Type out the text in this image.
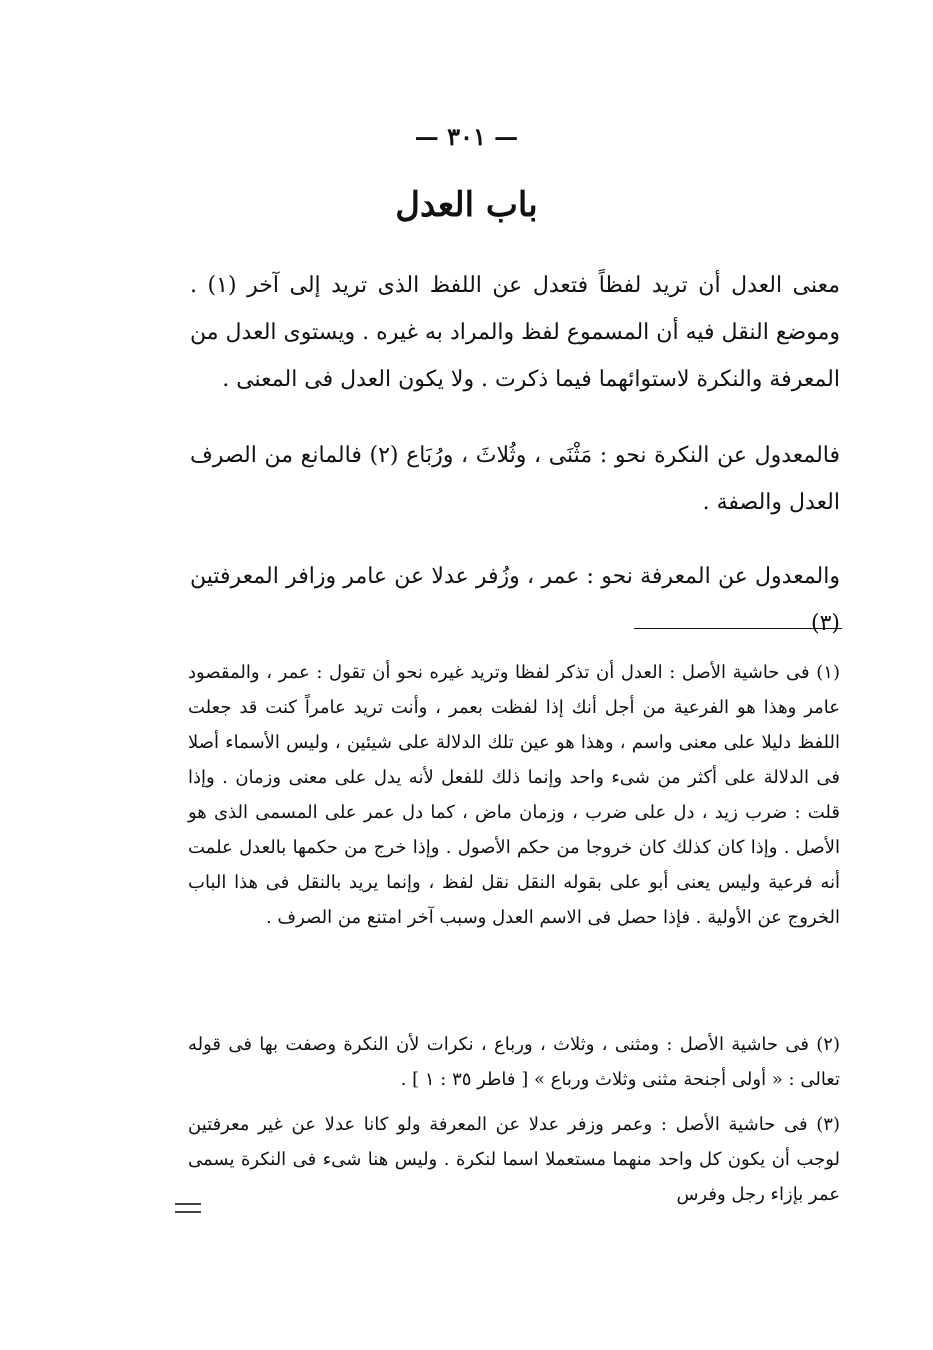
— ٣٠١ —
باب العدل

معنى العدل أن تريد لفظاً فتعدل عن اللفظ الذى تريد إلى آخر (١) . وموضع النقل فيه أن المسموع لفظ والمراد به غيره . ويستوى العدل من المعرفة والنكرة لاستوائهما فيما ذكرت . ولا يكون العدل فى المعنى .

فالمعدول عن النكرة نحو : مَثْنَى ، وثُلاثَ ، ورُبَاع (٢) فالمانع من الصرف العدل والصفة .

والمعدول عن المعرفة نحو : عمر ، وزُفر عدلا عن عامر وزافر المعرفتين (٣)

(١) فى حاشية الأصل : العدل أن تذكر لفظا وتريد غيره نحو أن تقول : عمر ، والمقصود عامر وهذا هو الفرعية من أجل أنك إذا لفظت بعمر ، وأنت تريد عامراً كنت قد جعلت اللفظ دليلا على معنى واسم ، وهذا هو عين تلك الدلالة على شيئين ، وليس الأسماء أصلا فى الدلالة على أكثر من شىء واحد وإنما ذلك للفعل لأنه يدل على معنى وزمان . وإذا قلت : ضرب زيد ، دل على ضرب ، وزمان ماض ، كما دل عمر على المسمى الذى هو الأصل . وإذا كان كذلك كان خروجا من حكم الأصول . وإذا خرج من حكمها بالعدل علمت أنه فرعية وليس يعنى أبو على بقوله النقل نقل لفظ ، وإنما يريد بالنقل فى هذا الباب الخروج عن الأولية . فإذا حصل فى الاسم العدل وسبب آخر امتنع من الصرف .

(٢) فى حاشية الأصل : ومثنى ، وثلاث ، ورباع ، نكرات لأن النكرة وصفت بها فى قوله تعالى : « أولى أجنحة مثنى وثلاث ورباع » [ فاطر ٣٥ : ١ ] .

(٣) فى حاشية الأصل : وعمر وزفر عدلا عن المعرفة ولو كانا عدلا عن غير معرفتين لوجب أن يكون كل واحد منهما مستعملا اسما لنكرة . وليس هنا شىء فى النكرة يسمى عمر بإزاء رجل وفرس
